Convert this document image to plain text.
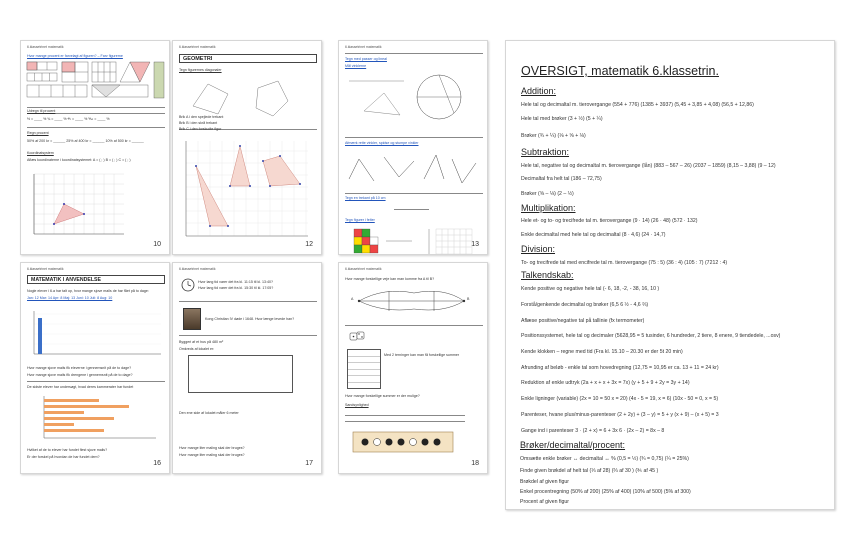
6.klassetrinet matematik
Hvor mange procent er farvelagt af figuren? – Farv figurerne
Udregn til procent
½ = ____ % ¾ = ____ % ⅘ = ____ % ⅒ = ____ %
Regn procent
50% af 200 kr = ______ 25% af 400 kr = ______ 10% af 500 kr = ______
Koordinatsystem
Aflæs koordinaterne i koordinatsystemet: A = ( ; ) B = ( ; ) C = ( ; )
10
6.klassetrinet matematik
GEOMETRI
Tegn figurernes diagonaler
Brik A i den spejlede trekant
Brik B i den skrå trekant
Brik C i den forskudte figur
12
6.klassetrinet matematik
Tegn med passer og lineal
Mål vinklerne
Afmærk rette vinkler, spidse og stumpe vinkler
Tegn en trekant på 10 cm
Tegn figurer i felter
13
6.klassetrinet matematik
MATEMATIK I ANVENDELSE
Nogle elever i 6.a har talt op, hvor mange sjove mails de har fået på to dage:
Jan: 12 Mar: 14 Apr: 8 Maj: 13 Juni: 10 Juli: 8 Aug: 10
Hvor mange sjove mails fik eleverne i gennemsnit på de to dage?
Hvor mange sjove mails fik drengene i gennemsnit på de to dage?
De sidste elever har undersøgt, hvad deres kammerater har fundet
Hvilket af de to elever har fundet flest sjove mails?
Er der forskel på hvordan de har fundet dem?
16
6.klassetrinet matematik
Hvor lang tid varer det fra kl. 11:15 til kl. 13:40?
Hvor lang tid varer det fra kl. 15:30 til kl. 17:05?
Kong Christian IV døde i 1648. Hvor længe levede han?
Byggeri af et hus på 480 m²
Omkreds af lokalet er:
Den ene side af lokalet måler 6 meter
Hvor mange liter maling skal der bruges?
Hvor mange liter maling skal der bruges?
17
6.klassetrinet matematik
Hvor mange forskellige veje kan man komme fra A til B?
A	B
Med 2 terninger kan man få forskellige summer
Hvor mange forskellige summer er der mulige?
Sandsynlighed
18
OVERSIGT, matematik 6.klassetrin.
Addition:
Hele tal og decimaltal m. tierovergange (554 + 776) (1385 + 3937) (5,45 + 3,85 + 4,08) (56,5 + 12,86)
Hele tal med brøker (3 + ½) (5 + ¼)
Brøker (¾ + ¼) (⅛ + ⅝ + ⅛)
Subtraktion:
Hele tal, negative tal og decimaltal m. tierovergange (lån) (883 – 567 – 26) (2037 – 1859) (8,15 – 3,88) (9 – 12)
Decimaltal fra helt tal (186 – 72,75)
Brøker (⅝ – ⅛) (2 – ½)
Multiplikation:
Hele et- og to- og trecifrede tal m. tierovergange (9 · 14) (26 · 48) (572 · 132)
Enkle decimaltal med hele tal og decimaltal (8 · 4,6) (24 · 14,7)
Division:
To- og trecifrede tal med encifrede tal m. tierovergange (75 : 5) (36 : 4) (105 : 7) (7212 : 4)
Talkendskab:
Kende positive og negative hele tal (- 6, 18, -2, - 38, 16, 10 )
Forstå/genkende decimaltal og brøker (6,5 6 ½ - 4,6 ⅔)
Aflæse positive/negative tal på tallinie (fx termometer)
Positionssystemet, hele tal og decimaler (5628,95 = 5 tusinder, 6 hundreder, 2 tiere, 8 enere, 9 tiendedele, ...osv)
Kende klokken – regne med tid (Fra kl. 15.10 – 20.30 er der 5t 20 min)
Afrunding af beløb - enkle tal som hovedregning (12,75 = 10,95 er ca. 13 + 11 = 24 kr)
Reduktion af enkle udtryk (2a + x + x + 3x = 7x) (y + 5 + 9 + 2y = 3y + 14)
Enkle ligninger (variable) (2x = 10 = 50 x = 20) (4x - 5 = 19, x = 6) (10x - 50 = 0, x = 5)
Parenteser, hvane plus/minus-parenteser (2 + 2y) + (3 – y) = 5 + y (x + 9) – (x + 5) = 3
Gange ind i parenteser 3 · (2 + x) = 6 + 3x 6 · (2x – 2) = 8x – 8
Brøker/decimaltal/procent:
Omsætte enkle brøker ↔ decimaltal ↔ % (0,5 = ½) (¾ = 0,75) (¼ = 25%)
Finde given brøkdel af helt tal (⅓ af 28) (⅔ af 30 ) (⅗ af 45 )
Brøkdel af given figur
Enkel procentregning (50% af 200) (25% af 400) (10% af 500) (5% af 300)
Procent af given figur
